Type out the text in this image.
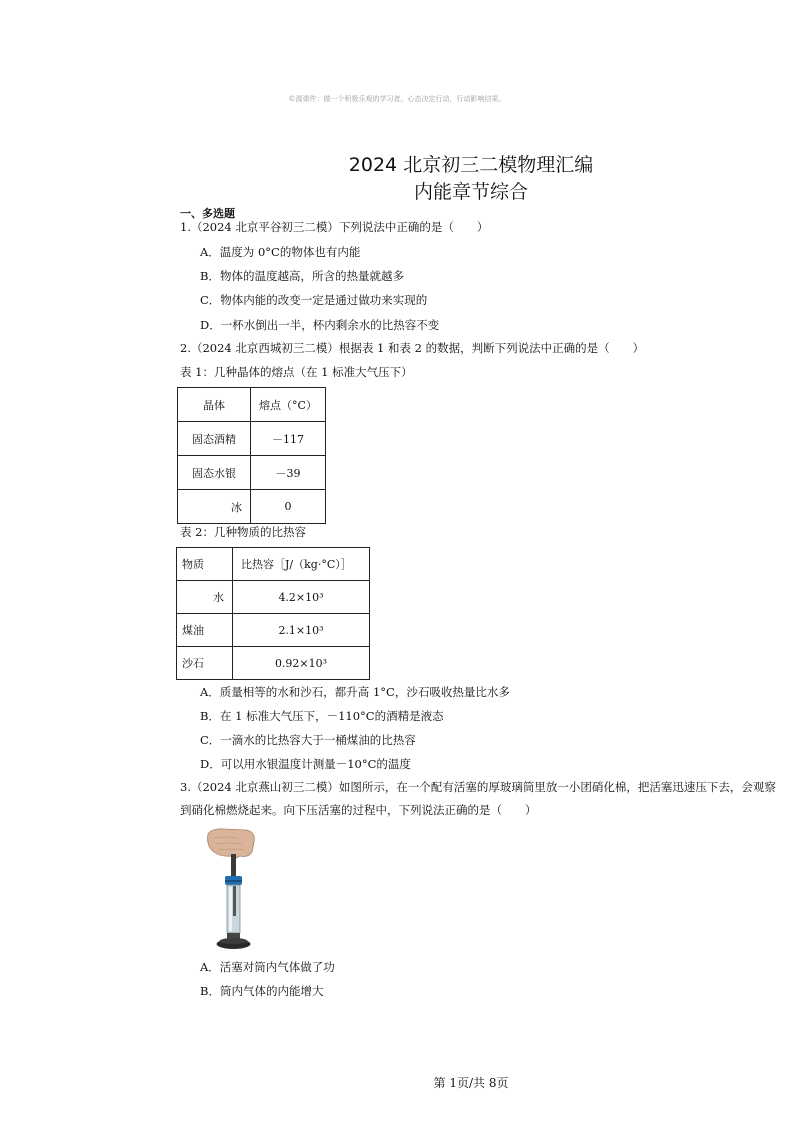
©源课件：做一个积极乐观的学习者。心态决定行动，行动影响结果。
2024 北京初三二模物理汇编
内能章节综合
一、多选题
1.（2024 北京平谷初三二模）下列说法中正确的是（　　）
A．温度为 0°C的物体也有内能
B．物体的温度越高，所含的热量就越多
C．物体内能的改变一定是通过做功来实现的
D．一杯水倒出一半，杯内剩余水的比热容不变
2.（2024 北京西城初三二模）根据表 1 和表 2 的数据，判断下列说法中正确的是（　　）
表 1：几种晶体的熔点（在 1 标准大气压下）
晶体	熔点（°C）
固态酒精	－117
固态水银	－39
冰	0
表 2：几种物质的比热容
物质	比热容［J/（kg·°C）］
水	4.2×10³
煤油	2.1×10³
沙石	0.92×10³
A．质量相等的水和沙石，都升高 1°C，沙石吸收热量比水多
B．在 1 标准大气压下，－110°C的酒精是液态
C．一滴水的比热容大于一桶煤油的比热容
D．可以用水银温度计测量－10°C的温度
3.（2024 北京燕山初三二模）如图所示，在一个配有活塞的厚玻璃筒里放一小团硝化棉，把活塞迅速压下去，会观察到硝化棉燃烧起来。向下压活塞的过程中，下列说法正确的是（　　）
A．活塞对筒内气体做了功
B．筒内气体的内能增大
第 1页/共 8页
